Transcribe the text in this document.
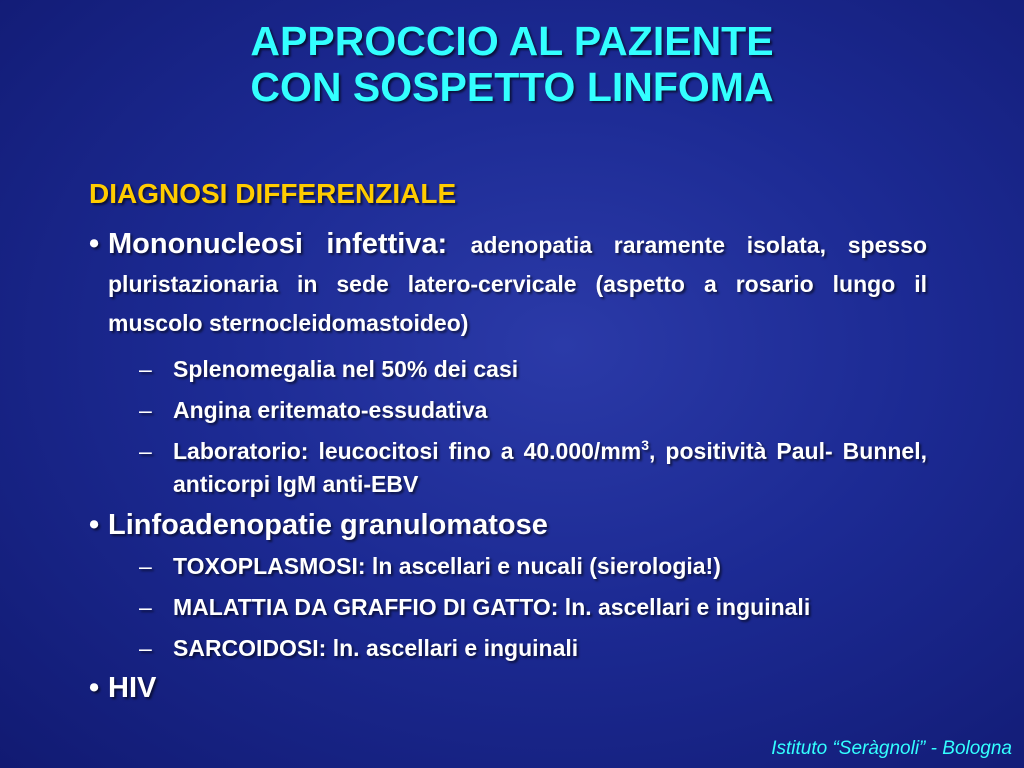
APPROCCIO AL PAZIENTE
CON SOSPETTO LINFOMA
DIAGNOSI DIFFERENZIALE
• Mononucleosi infettiva: adenopatia raramente isolata, spesso pluristazionaria in sede latero-cervicale (aspetto a rosario lungo il muscolo sternocleidomastoideo)
– Splenomegalia nel 50% dei casi
– Angina eritemato-essudativa
– Laboratorio: leucocitosi fino a $40.000/mm^3$, positività Paul- Bunnel, anticorpi IgM anti-EBV
• Linfoadenopatie granulomatose
– TOXOPLASMOSI: ln ascellari e nucali (sierologia!)
– MALATTIA DA GRAFFIO DI GATTO: ln. ascellari e inguinali
– SARCOIDOSI: ln. ascellari e inguinali
• HIV
Istituto “Seràgnoli” - Bologna
